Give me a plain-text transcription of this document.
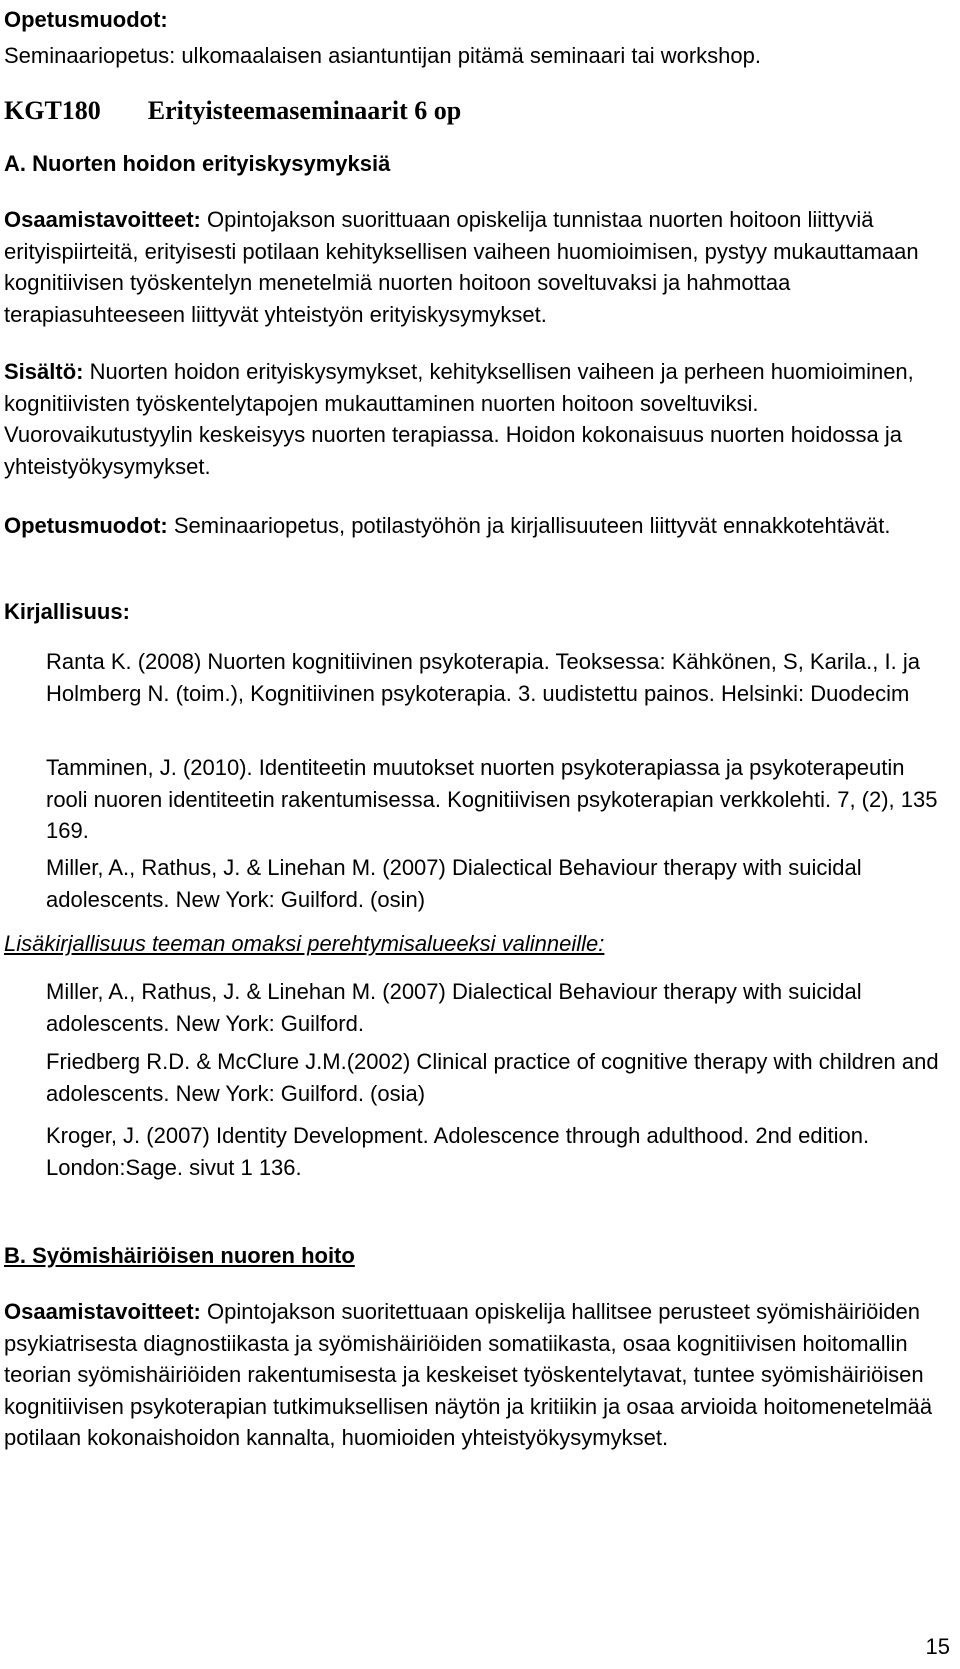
Opetusmuodot:
Seminaariopetus: ulkomaalaisen asiantuntijan pitämä seminaari tai workshop.
KGT180 Erityisteemaseminaarit 6 op
A. Nuorten hoidon erityiskysymyksiä
Osaamistavoitteet: Opintojakson suorittuaan opiskelija tunnistaa nuorten hoitoon liittyviä erityispiirteitä, erityisesti potilaan kehityksellisen vaiheen huomioimisen, pystyy mukauttamaan kognitiivisen työskentelyn menetelmiä nuorten hoitoon soveltuvaksi ja hahmottaa terapiasuhteeseen liittyvät yhteistyön erityiskysymykset.
Sisältö: Nuorten hoidon erityiskysymykset, kehityksellisen vaiheen ja perheen huomioiminen, kognitiivisten työskentelytapojen mukauttaminen nuorten hoitoon soveltuviksi. Vuorovaikutustyylin keskeisyys nuorten terapiassa. Hoidon kokonaisuus nuorten hoidossa ja yhteistyökysymykset.
Opetusmuodot: Seminaariopetus, potilastyöhön ja kirjallisuuteen liittyvät ennakkotehtävät.
Kirjallisuus:
Ranta K. (2008) Nuorten kognitiivinen psykoterapia. Teoksessa: Kähkönen, S, Karila., I. ja Holmberg N. (toim.), Kognitiivinen psykoterapia. 3. uudistettu painos. Helsinki: Duodecim
Tamminen, J. (2010). Identiteetin muutokset nuorten psykoterapiassa ja psykoterapeutin rooli nuoren identiteetin rakentumisessa. Kognitiivisen psykoterapian verkkolehti. 7, (2), 135 169.
Miller, A., Rathus, J. & Linehan M. (2007) Dialectical Behaviour therapy with suicidal adolescents. New York: Guilford. (osin)
Lisäkirjallisuus teeman omaksi perehtymisalueeksi valinneille:
Miller, A., Rathus, J. & Linehan M. (2007) Dialectical Behaviour therapy with suicidal adolescents. New York: Guilford.
Friedberg R.D. & McClure J.M.(2002) Clinical practice of cognitive therapy with children and adolescents. New York: Guilford. (osia)
Kroger, J. (2007) Identity Development. Adolescence through adulthood. 2nd edition. London:Sage. sivut 1 136.
B. Syömishäiriöisen nuoren hoito
Osaamistavoitteet: Opintojakson suoritettuaan opiskelija hallitsee perusteet syömishäiriöiden psykiatrisesta diagnostiikasta ja syömishäiriöiden somatiikasta, osaa kognitiivisen hoitomallin teorian syömishäiriöiden rakentumisesta ja keskeiset työskentelytavat, tuntee syömishäiriöisen kognitiivisen psykoterapian tutkimuksellisen näytön ja kritiikin ja osaa arvioida hoitomenetelmää potilaan kokonaishoidon kannalta, huomioiden yhteistyökysymykset.
15
